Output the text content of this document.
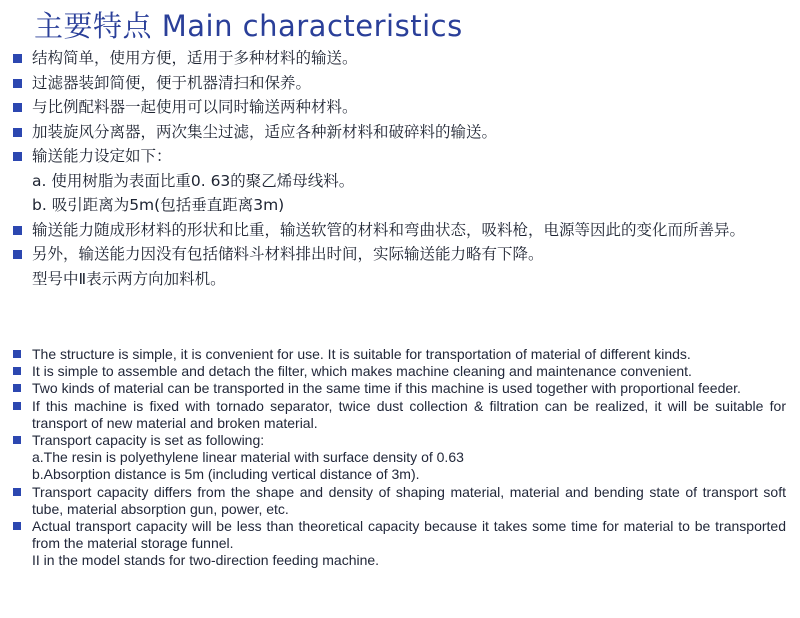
主要特点 Main characteristics
结构简单，使用方便，适用于多种材料的输送。
过滤器装卸简便，便于机器清扫和保养。
与比例配料器一起使用可以同时输送两种材料。
加装旋风分离器，两次集尘过滤，适应各种新材料和破碎料的输送。
输送能力设定如下：
a. 使用树脂为表面比重0. 63的聚乙烯母线料。
b. 吸引距离为5m(包括垂直距离3m)
输送能力随成形材料的形状和比重，输送软管的材料和弯曲状态，吸料枪，电源等因此的变化而所善异。
另外，输送能力因没有包括储料斗材料排出时间，实际输送能力略有下降。
型号中Ⅱ表示两方向加料机。
The structure is simple, it is convenient for use. It is suitable for transportation of material of different kinds.
It is simple to assemble and detach the filter, which makes machine cleaning and maintenance convenient.
Two kinds of material can be transported in the same time if this machine is used together with proportional feeder.
If this machine is fixed with tornado separator, twice dust collection & filtration can be realized, it will be suitable for transport of new material and broken material.
Transport capacity is set as following:
a.The resin is polyethylene linear material with surface density of 0.63
b.Absorption distance is 5m (including vertical distance of 3m).
Transport capacity differs from the shape and density of shaping material, material and bending state of transport soft tube, material absorption gun, power, etc.
Actual transport capacity will be less than theoretical capacity because it takes some time for material to be transported from the material storage funnel.
II in the model stands for two-direction feeding machine.
